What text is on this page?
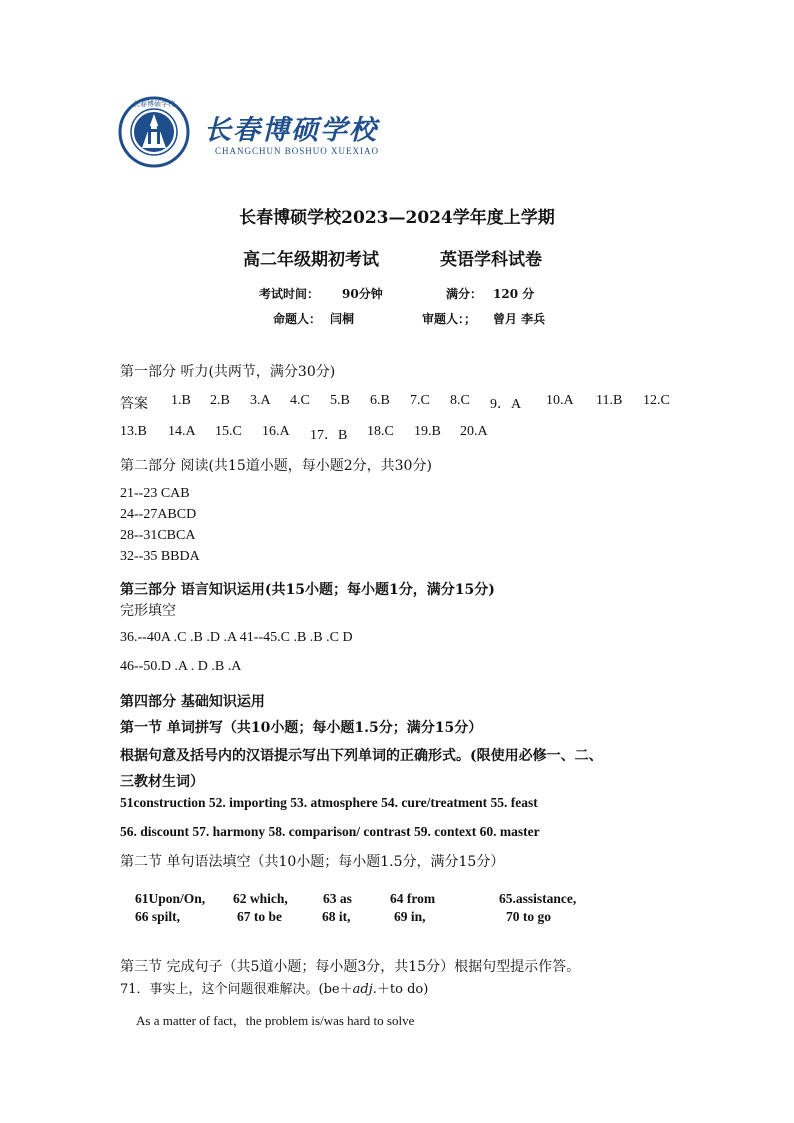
长春博硕学校
长春博硕学校
CHANGCHUN BOSHUO XUEXIAO
长春博硕学校2023—2024学年度上学期
高二年级期初考试	英语学科试卷
考试时间： 90分钟	满分： 120 分
命题人： 闫桐	审题人：； 曾月 李兵
第一部分 听力(共两节，满分30分)
答案 1.B 2.B 3.A 4.C 5.B 6.B 7.C 8.C 9．A 10.A 11.B 12.C
13.B 14.A 15.C 16.A 17．B 18.C 19.B 20.A
第二部分 阅读(共15道小题，每小题2分，共30分)
21--23 CAB
24--27ABCD
28--31CBCA
32--35 BBDA
第三部分 语言知识运用(共15小题；每小题1分，满分15分)
完形填空
36.--40A .C .B .D .A 41--45.C .B .B .C D
46--50.D .A . D .B .A
第四部分 基础知识运用
第一节 单词拼写（共10小题；每小题1.5分；满分15分）
根据句意及括号内的汉语提示写出下列单词的正确形式。(限使用必修一、二、
三教材生词）
51construction 52. importing 53. atmosphere 54. cure/treatment 55. feast
56. discount 57. harmony 58. comparison/ contrast 59. context 60. master
第二节 单句语法填空（共10小题；每小题1.5分，满分15分）
61Upon/On, 62 which,	63 as	64 from	65.assistance,
66 spilt,	67 to be	68 it,	69 in,	70 to go
第三节 完成句子（共5道小题；每小题3分，共15分）根据句型提示作答。
71．事实上，这个问题很难解决。(be＋adj.＋to do)
As a matter of fact，the problem is/was hard to solve
